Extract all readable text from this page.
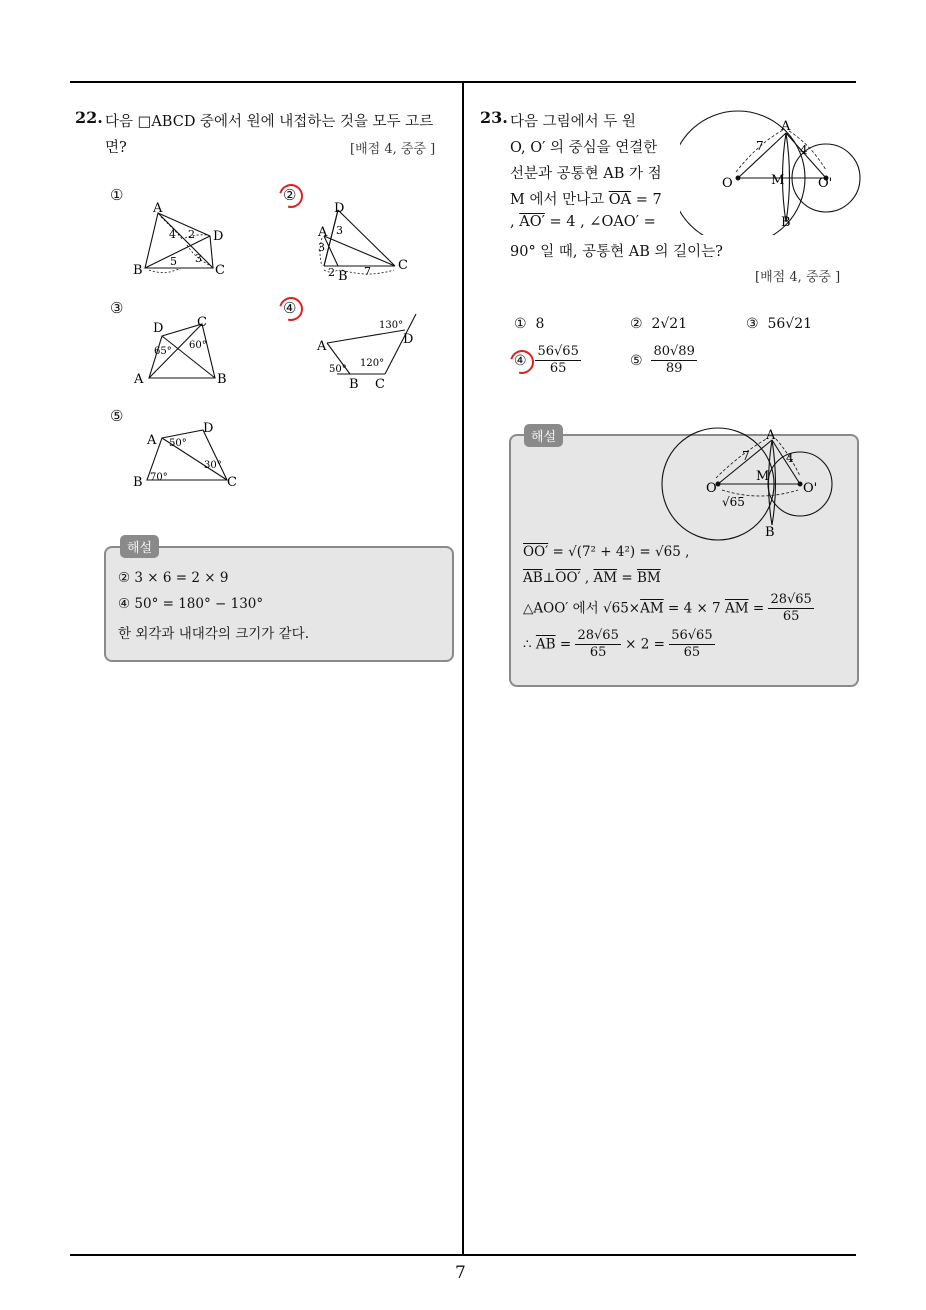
7
22. 다음 □ABCD 중에서 원에 내접하는 것을 모두 고르
면?	[배점 4, 중중 ]
①	②
③	④
⑤
A
D
B	C
4 2
5 3
D
A
B
C
3
3
2	7
D	C
A	B
65°
60°	A	D
B C
130°
120°
50°
A
D
B	C
50°
30°
70°
해설
② 3 × 6 = 2 × 9
④ 50° = 180° − 130°
한 외각과 내대각의 크기가 같다.
23. 다음 그림에서 두 원
O, O′ 의 중심을 연결한
선분과 공통현 AB 가 점
M 에서 만나고 $\overline{OA} = 7$
, AO′ = 4 , ∠OAO′ =
90° 일 때, 공통현 AB 의 길이는?
[배점 4, 중중 ]
A
B
O	O'
M
7	4
① 8	② 2√21	③ 56√21
④ $\frac{56√65}{65}$	⑤ $\frac{80√89}{89}$
해설	A
B
O	O'
M
7	4
√65
OO′ = √(7² + 4²) = √65 ,
$\overline{AB}\perp OO'$ , $\overline{AM} = \overline{BM}$
△AOO′ 에서 $√65\times\overline{AM} = 4 \times 7$ $\overline{AM} = \frac{28√65}{65}$
∴ $\overline{AB} = \frac{28√65}{65} \times 2 = \frac{56√65}{65}$
